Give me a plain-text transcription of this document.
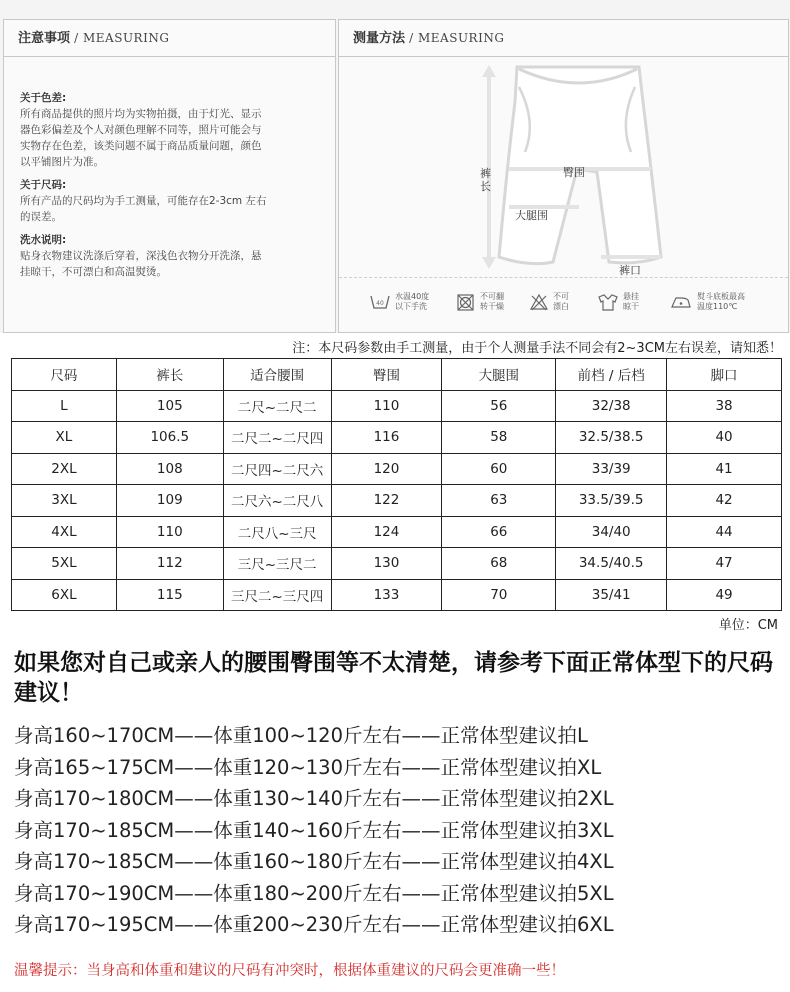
注意事项 / MEASURING
关于色差:

所有商品提供的照片均为实物拍摄，由于灯光、显示

器色彩偏差及个人对颜色理解不同等，照片可能会与

实物存在色差，该类问题不属于商品质量问题，颜色

以平铺图片为准。

关于尺码:

所有产品的尺码均为手工测量，可能存在2-3cm 左右

的误差。

洗水说明:

贴身衣物建议洗涤后穿着，深浅色衣物分开洗涤，悬

挂晾干，不可漂白和高温熨烫。

测量方法 / MEASURING
裤长
臀围
大腿围
裤口
40
水温40度
以下手洗
不可翻
转干燥
不可
漂白
悬挂
晾干
熨斗底板最高
温度110℃
注：本尺码参数由手工测量，由于个人测量手法不同会有2~3CM左右误差，请知悉！
尺码	裤长	适合腰围	臀围	大腿围	前档 / 后档	脚口
L	105	二尺~二尺二	110	56	32/38	38
XL	106.5	二尺二~二尺四	116	58	32.5/38.5	40
2XL	108	二尺四~二尺六	120	60	33/39	41
3XL	109	二尺六~二尺八	122	63	33.5/39.5	42
4XL	110	二尺八~三尺	124	66	34/40	44
5XL	112	三尺~三尺二	130	68	34.5/40.5	47
6XL	115	三尺二~三尺四	133	70	35/41	49
单位：CM
如果您对自己或亲人的腰围臀围等不太清楚，请参考下面正常体型下的尺码建议！
身高160~170CM——体重100~120斤左右——正常体型建议拍L
身高165~175CM——体重120~130斤左右——正常体型建议拍XL
身高170~180CM——体重130~140斤左右——正常体型建议拍2XL
身高170~185CM——体重140~160斤左右——正常体型建议拍3XL
身高170~185CM——体重160~180斤左右——正常体型建议拍4XL
身高170~190CM——体重180~200斤左右——正常体型建议拍5XL
身高170~195CM——体重200~230斤左右——正常体型建议拍6XL
温馨提示：当身高和体重和建议的尺码有冲突时，根据体重建议的尺码会更准确一些！
